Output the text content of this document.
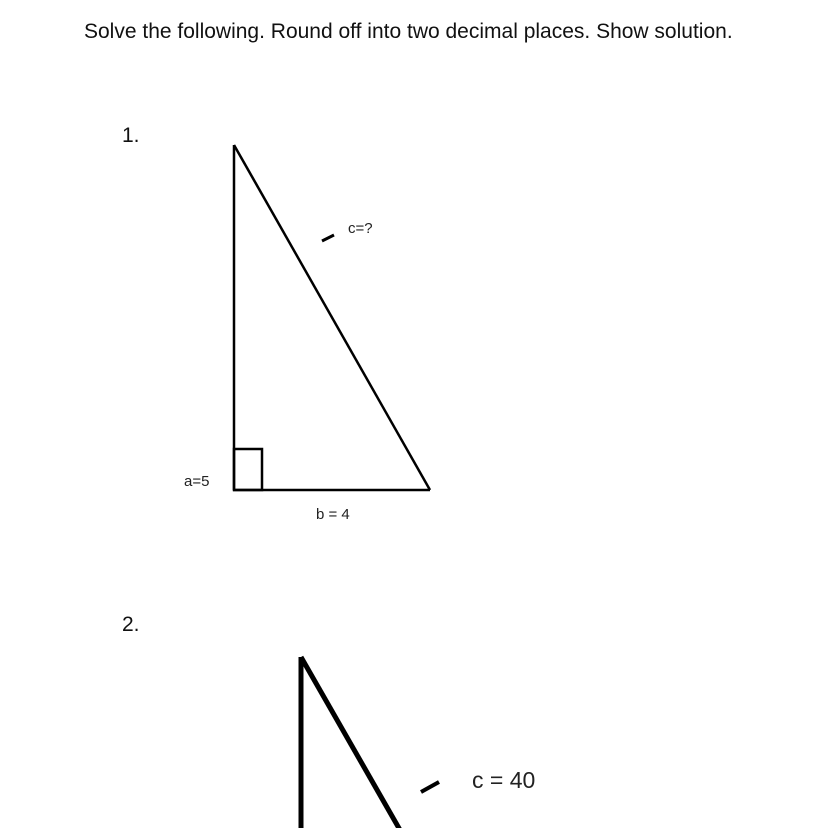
Solve the following. Round off into two decimal places. Show solution.
1.
c=?
a=5
b = 4
c = 40
2.
